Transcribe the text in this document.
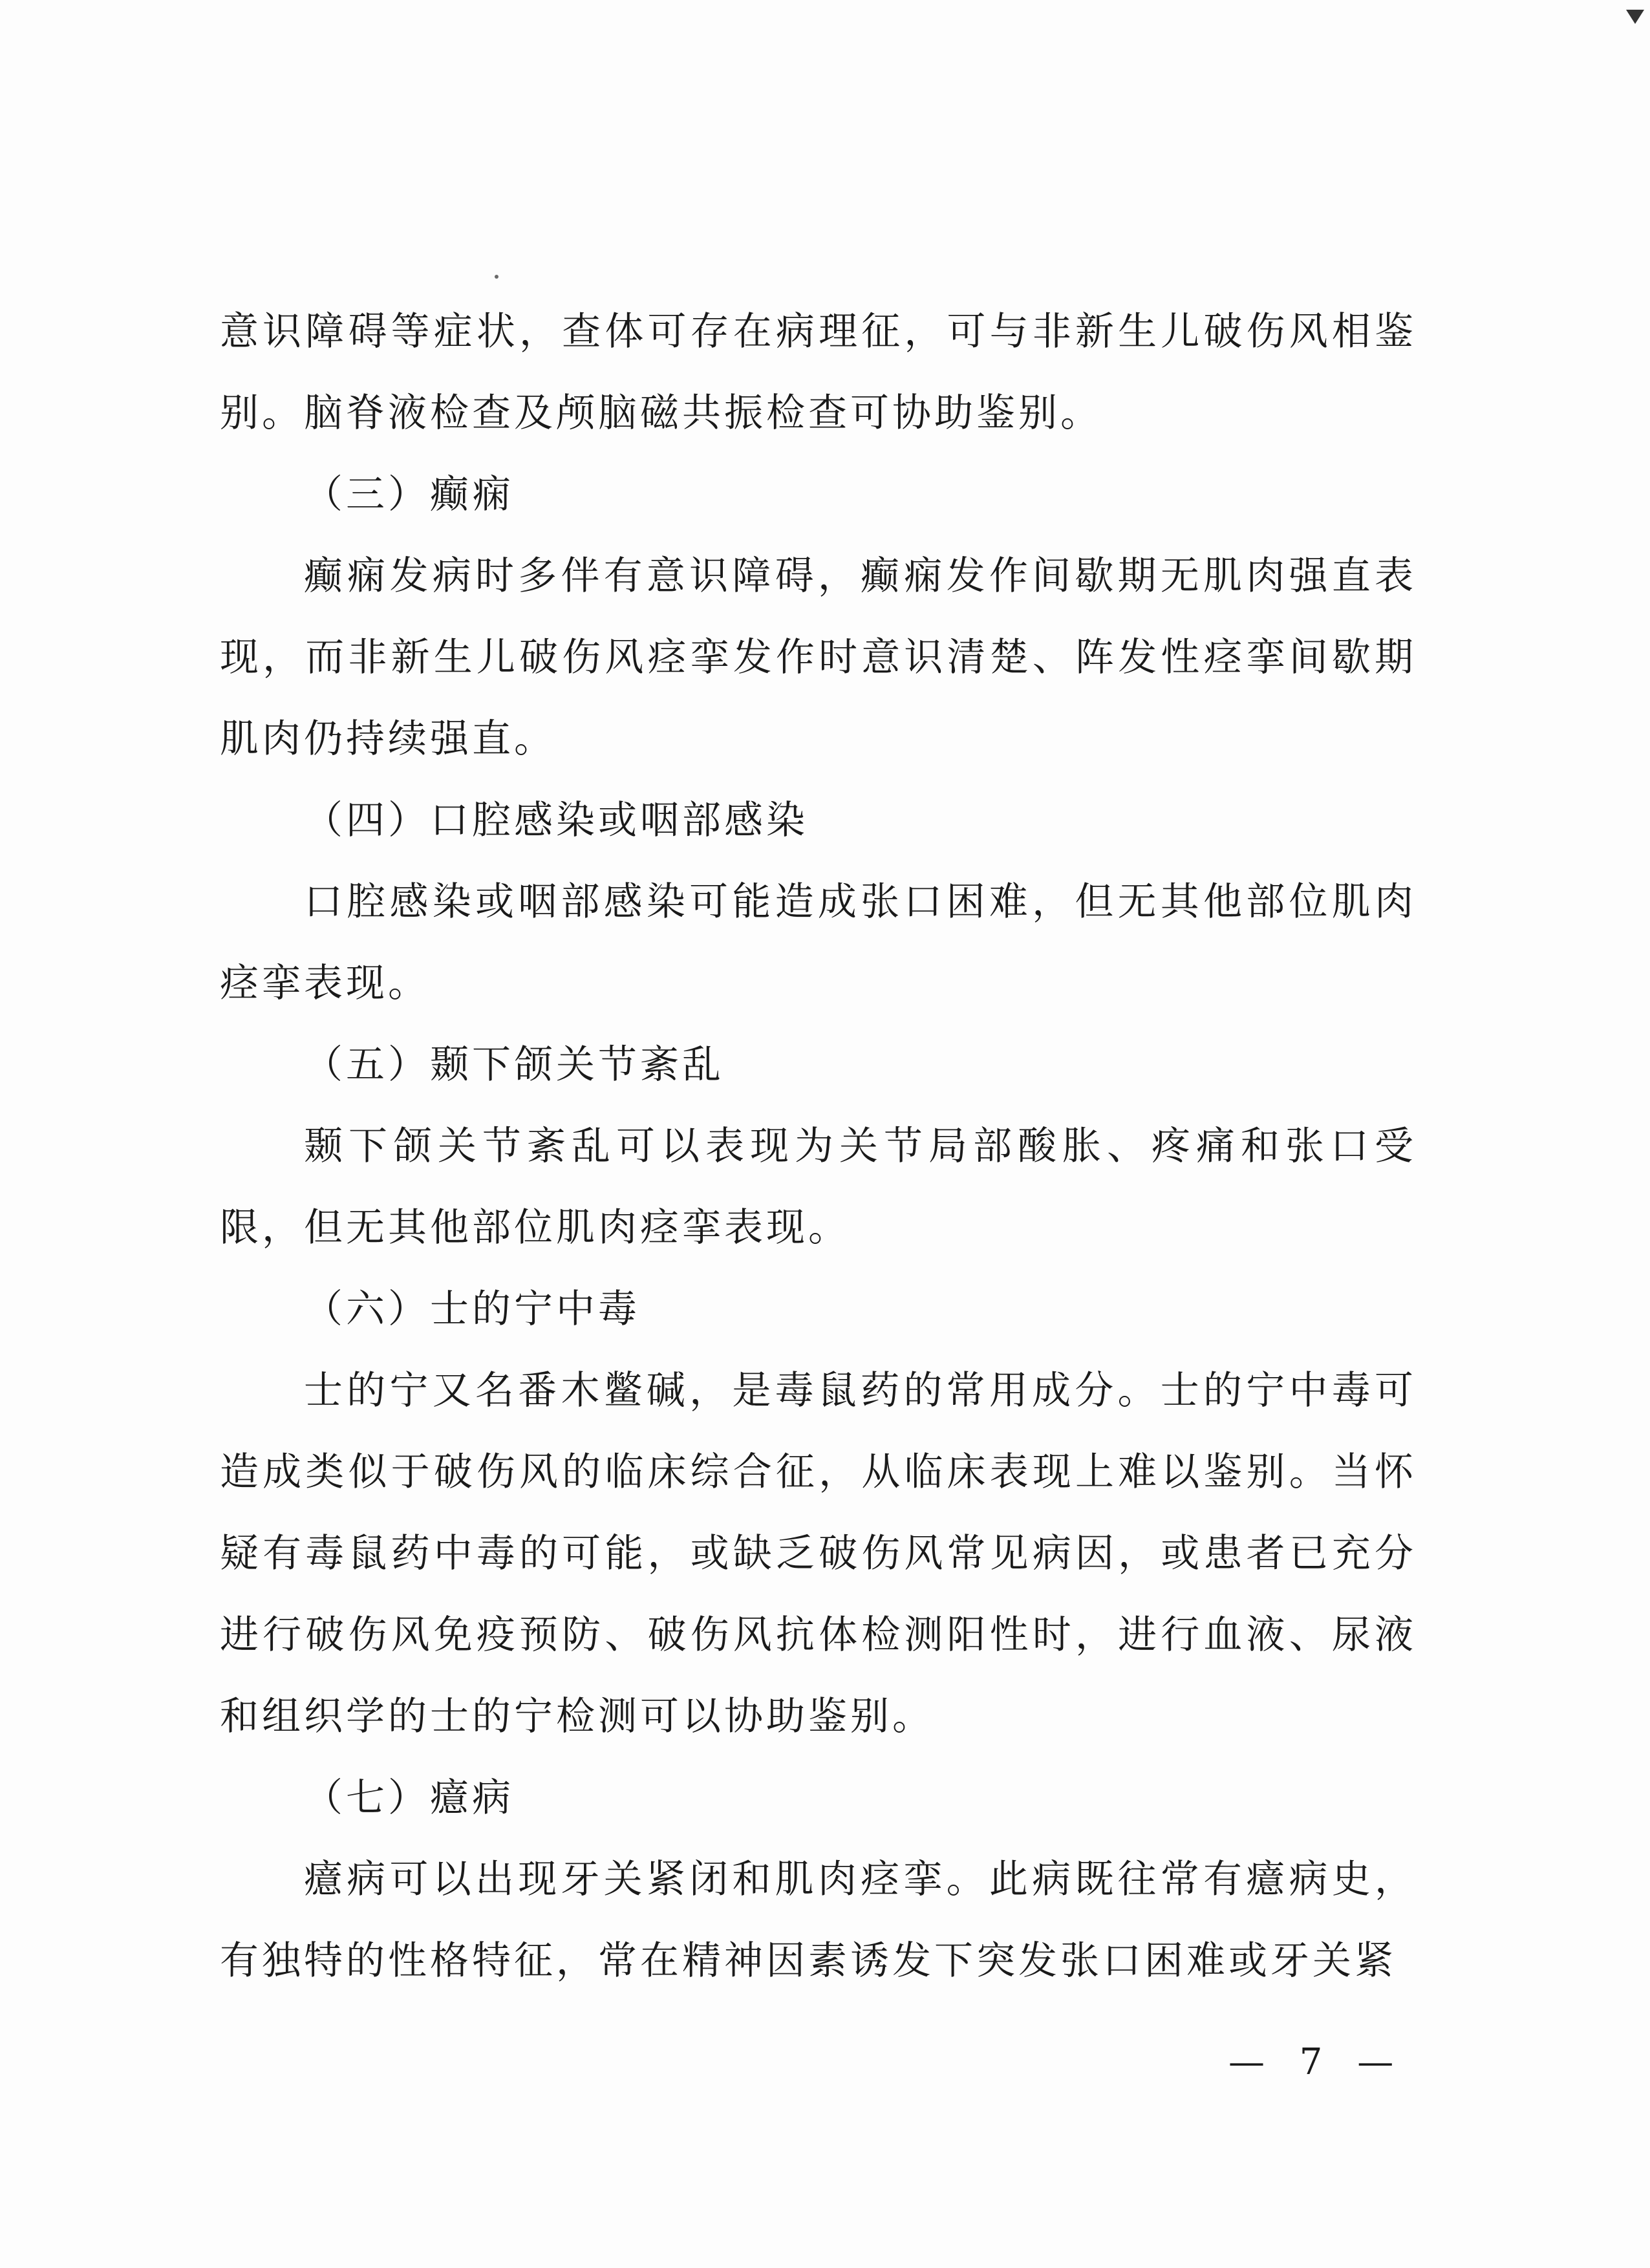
意识障碍等症状，查体可存在病理征，可与非新生儿破伤风相鉴
别。脑脊液检查及颅脑磁共振检查可协助鉴别。
（三）癫痫
癫痫发病时多伴有意识障碍，癫痫发作间歇期无肌肉强直表
现，而非新生儿破伤风痉挛发作时意识清楚、阵发性痉挛间歇期
肌肉仍持续强直。
（四）口腔感染或咽部感染
口腔感染或咽部感染可能造成张口困难，但无其他部位肌肉
痉挛表现。
（五）颞下颌关节紊乱
颞下颌关节紊乱可以表现为关节局部酸胀、疼痛和张口受
限，但无其他部位肌肉痉挛表现。
（六）士的宁中毒
士的宁又名番木鳖碱，是毒鼠药的常用成分。士的宁中毒可
造成类似于破伤风的临床综合征，从临床表现上难以鉴别。当怀
疑有毒鼠药中毒的可能，或缺乏破伤风常见病因，或患者已充分
进行破伤风免疫预防、破伤风抗体检测阳性时，进行血液、尿液
和组织学的士的宁检测可以协助鉴别。
（七）癔病
癔病可以出现牙关紧闭和肌肉痉挛。此病既往常有癔病史，
有独特的性格特征，常在精神因素诱发下突发张口困难或牙关紧
— 7 —
